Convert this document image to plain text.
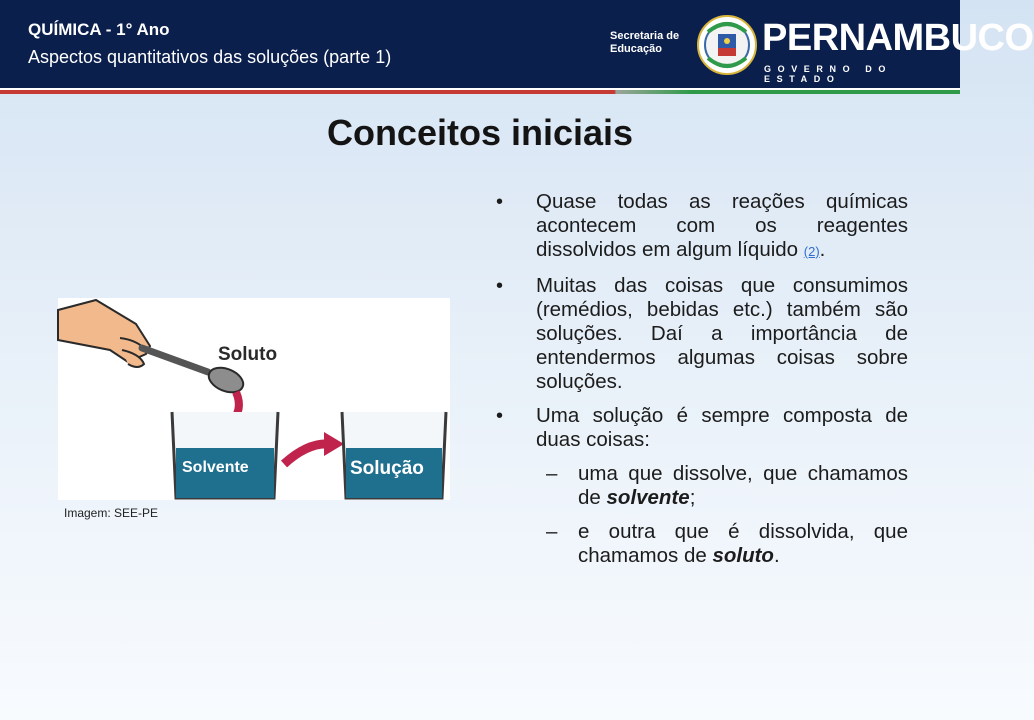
QUÍMICA - 1° Ano
Aspectos quantitativos das soluções (parte 1)
Secretaria de
Educação	PERNAMBUCO
GOVERNO DO ESTADO
Conceitos iniciais
Soluto
Solvente	Solução
Imagem: SEE-PE
• Quase todas as reações químicas acontecem com os reagentes dissolvidos em algum líquido (2).
• Muitas das coisas que consumimos (remédios, bebidas etc.) também são soluções. Daí a importância de entendermos algumas coisas sobre soluções.
• Uma solução é sempre composta de duas coisas:
– uma que dissolve, que chamamos de solvente;
– e outra que é dissolvida, que chamamos de soluto.
